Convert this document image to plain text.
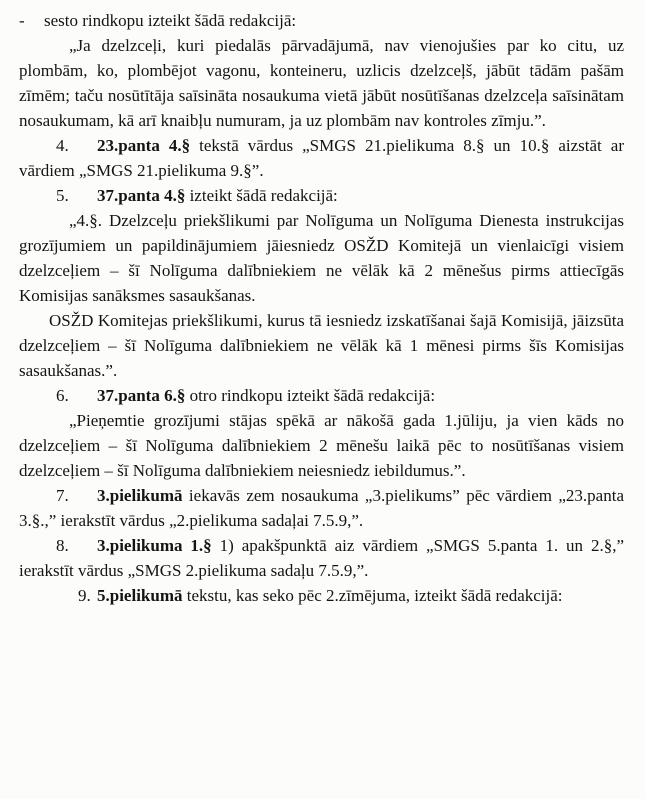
- sesto rindkopu izteikt šādā redakcijā:

„Ja dzelzceļi, kuri piedalās pārvadājumā, nav vienojušies par ko citu, uz plombām, ko, plombējot vagonu, konteineru, uzlicis dzelzceļš, jābūt tādām pašām zīmēm; taču nosūtītāja saīsināta nosaukuma vietā jābūt nosūtīšanas dzelzceļa saīsinātam nosaukumam, kā arī knaibļu numuram, ja uz plombām nav kontroles zīmju.”.

4. 23.panta 4.§ tekstā vārdus „SMGS 21.pielikuma 8.§ un 10.§ aizstāt ar vārdiem „SMGS 21.pielikuma 9.§”.

5. 37.panta 4.§ izteikt šādā redakcijā:

„4.§. Dzelzceļu priekšlikumi par Nolīguma un Nolīguma Dienesta instrukcijas grozījumiem un papildinājumiem jāiesniedz OSŽD Komitejā un vienlaicīgi visiem dzelzceļiem – šī Nolīguma dalībniekiem ne vēlāk kā 2 mēnešus pirms attiecīgās Komisijas sanāksmes sasaukšanas.

OSŽD Komitejas priekšlikumi, kurus tā iesniedz izskatīšanai šajā Komisijā, jāizsūta dzelzceļiem – šī Nolīguma dalībniekiem ne vēlāk kā 1 mēnesi pirms šīs Komisijas sasaukšanas.”.

6. 37.panta 6.§ otro rindkopu izteikt šādā redakcijā:

„Pieņemtie grozījumi stājas spēkā ar nākošā gada 1.jūliju, ja vien kāds no dzelzceļiem – šī Nolīguma dalībniekiem 2 mēnešu laikā pēc to nosūtīšanas visiem dzelzceļiem – šī Nolīguma dalībniekiem neiesniedz iebildumus.”.

7. 3.pielikumā iekavās zem nosaukuma „3.pielikums” pēc vārdiem „23.panta 3.§.,” ierakstīt vārdus „2.pielikuma sadaļai 7.5.9,”.

8. 3.pielikuma 1.§ 1) apakšpunktā aiz vārdiem „SMGS 5.panta 1. un 2.§,” ierakstīt vārdus „SMGS 2.pielikuma sadaļu 7.5.9,”.

9. 5.pielikumā tekstu, kas seko pēc 2.zīmējuma, izteikt šādā redakcijā:
